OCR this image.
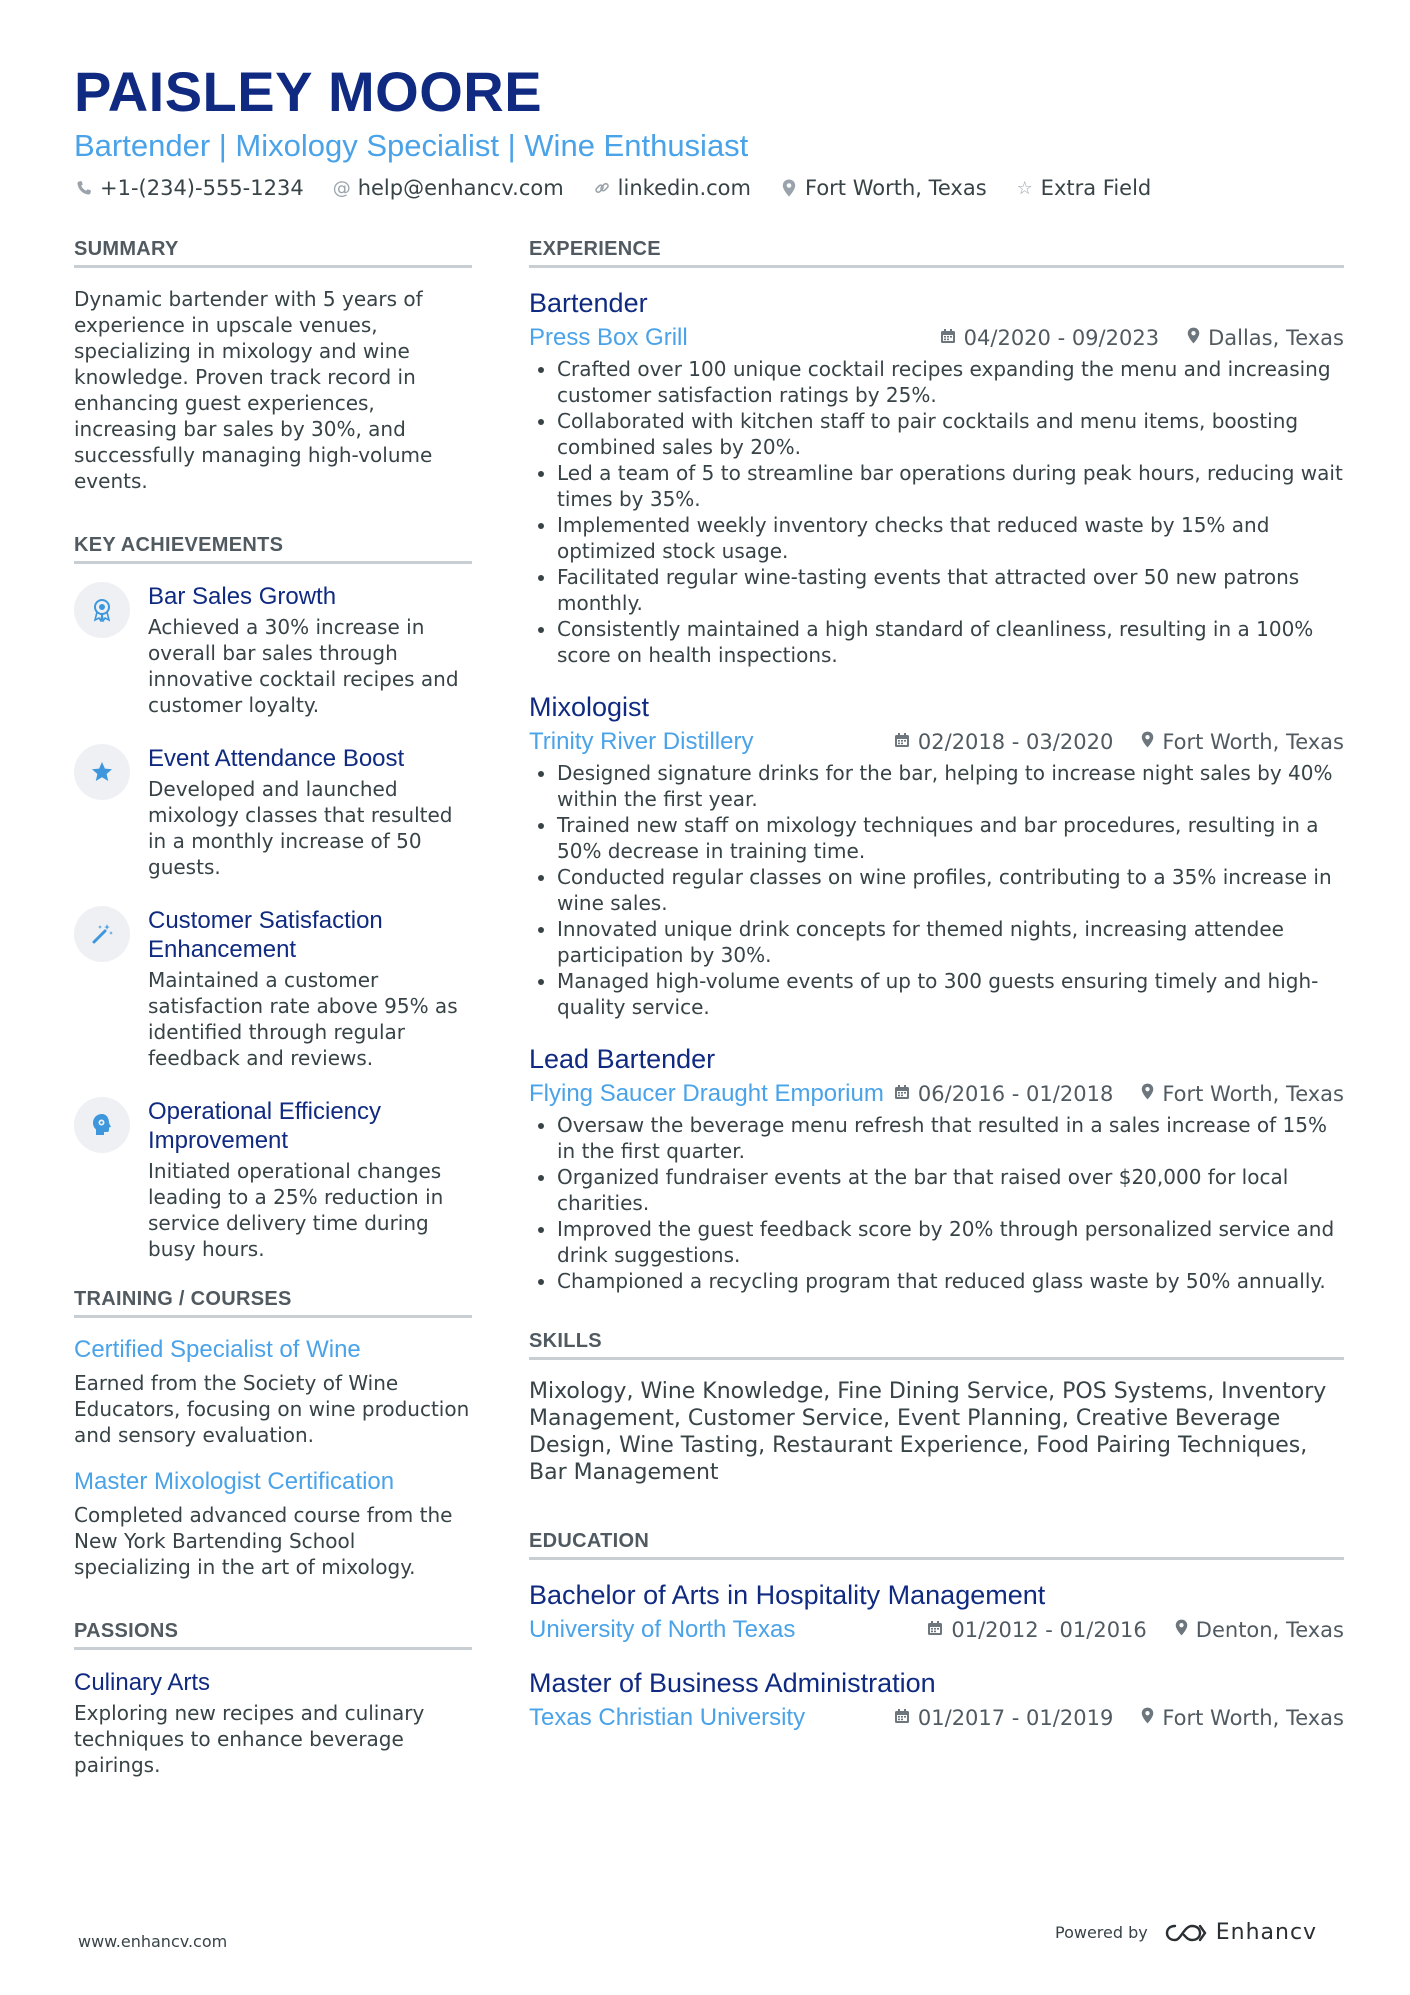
PAISLEY MOORE
Bartender | Mixology Specialist | Wine Enthusiast
+1-(234)-555-1234 @ help@enhancv.com	linkedin.com	Fort Worth, Texas ☆ Extra Field
SUMMARY
Dynamic bartender with 5 years of experience in upscale venues, specializing in mixology and wine knowledge. Proven track record in enhancing guest experiences, increasing bar sales by 30%, and successfully managing high-volume events.
KEY ACHIEVEMENTS
Bar Sales Growth
Achieved a 30% increase in overall bar sales through innovative cocktail recipes and customer loyalty.
Event Attendance Boost
Developed and launched mixology classes that resulted in a monthly increase of 50 guests.
Customer Satisfaction Enhancement
Maintained a customer satisfaction rate above 95% as identified through regular feedback and reviews.
Operational Efficiency Improvement
Initiated operational changes leading to a 25% reduction in service delivery time during busy hours.
TRAINING / COURSES
Certified Specialist of Wine
Earned from the Society of Wine Educators, focusing on wine production and sensory evaluation.
Master Mixologist Certification
Completed advanced course from the New York Bartending School specializing in the art of mixology.
PASSIONS
Culinary Arts
Exploring new recipes and culinary techniques to enhance beverage pairings.
EXPERIENCE
Bartender
Press Box Grill	04/2020 - 09/2023 Dallas, Texas
• Crafted over 100 unique cocktail recipes expanding the menu and increasing customer satisfaction ratings by 25%.
• Collaborated with kitchen staff to pair cocktails and menu items, boosting combined sales by 20%.
• Led a team of 5 to streamline bar operations during peak hours, reducing wait times by 35%.
• Implemented weekly inventory checks that reduced waste by 15% and optimized stock usage.
• Facilitated regular wine-tasting events that attracted over 50 new patrons monthly.
• Consistently maintained a high standard of cleanliness, resulting in a 100% score on health inspections.
Mixologist
Trinity River Distillery	02/2018 - 03/2020 Fort Worth, Texas
• Designed signature drinks for the bar, helping to increase night sales by 40% within the first year.
• Trained new staff on mixology techniques and bar procedures, resulting in a 50% decrease in training time.
• Conducted regular classes on wine profiles, contributing to a 35% increase in wine sales.
• Innovated unique drink concepts for themed nights, increasing attendee participation by 30%.
• Managed high-volume events of up to 300 guests ensuring timely and high-quality service.
Lead Bartender
Flying Saucer Draught Emporium 06/2016 - 01/2018 Fort Worth, Texas
• Oversaw the beverage menu refresh that resulted in a sales increase of 15% in the first quarter.
• Organized fundraiser events at the bar that raised over $20,000 for local charities.
• Improved the guest feedback score by 20% through personalized service and drink suggestions.
• Championed a recycling program that reduced glass waste by 50% annually.
SKILLS
Mixology, Wine Knowledge, Fine Dining Service, POS Systems, Inventory Management, Customer Service, Event Planning, Creative Beverage Design, Wine Tasting, Restaurant Experience, Food Pairing Techniques, Bar Management
EDUCATION
Bachelor of Arts in Hospitality Management
University of North Texas	01/2012 - 01/2016 Denton, Texas
Master of Business Administration
Texas Christian University	01/2017 - 01/2019 Fort Worth, Texas
www.enhancv.com	Powered by	Enhancv
